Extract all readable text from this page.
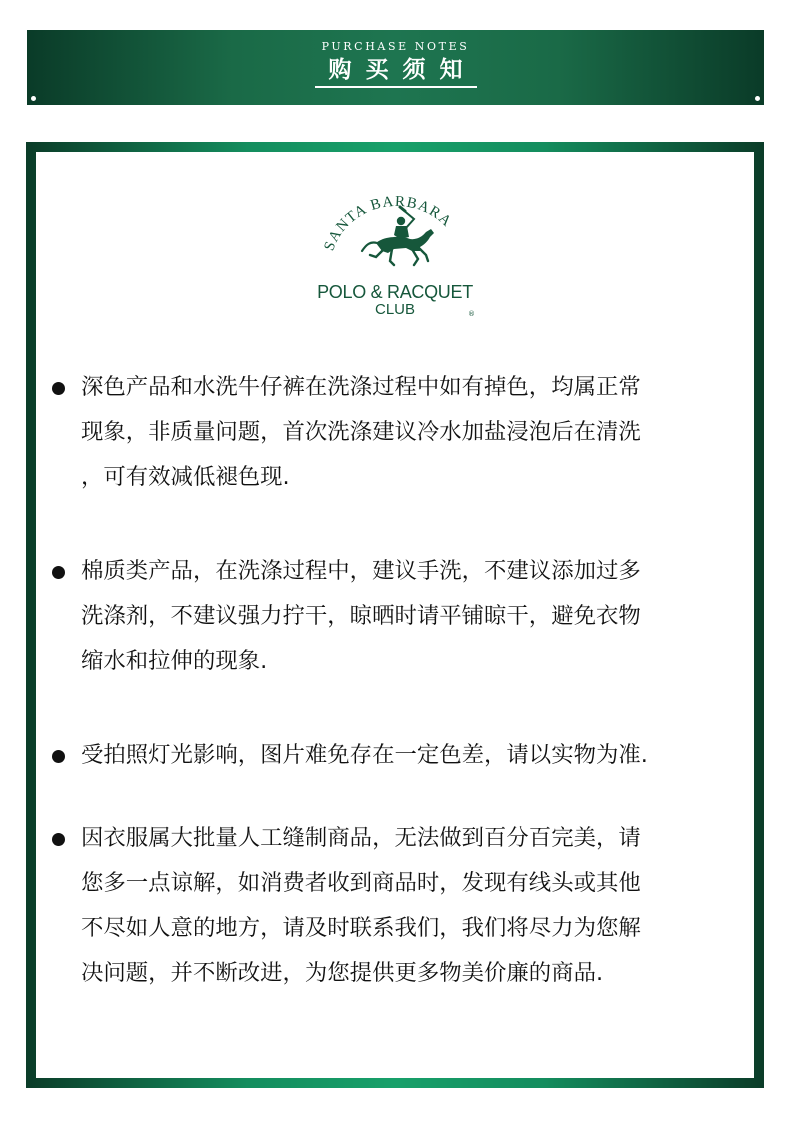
PURCHASE NOTES
购买须知
SANTA BARBARA
POLO & RACQUET
CLUB	®

深色产品和水洗牛仔裤在洗涤过程中如有掉色，均属正常
现象，非质量问题，首次洗涤建议冷水加盐浸泡后在清洗
，可有效减低褪色现.

棉质类产品，在洗涤过程中，建议手洗，不建议添加过多
洗涤剂，不建议强力拧干，晾晒时请平铺晾干，避免衣物
缩水和拉伸的现象.

受拍照灯光影响，图片难免存在一定色差，请以实物为准.

因衣服属大批量人工缝制商品，无法做到百分百完美，请
您多一点谅解，如消费者收到商品时，发现有线头或其他
不尽如人意的地方，请及时联系我们，我们将尽力为您解
决问题，并不断改进，为您提供更多物美价廉的商品.
